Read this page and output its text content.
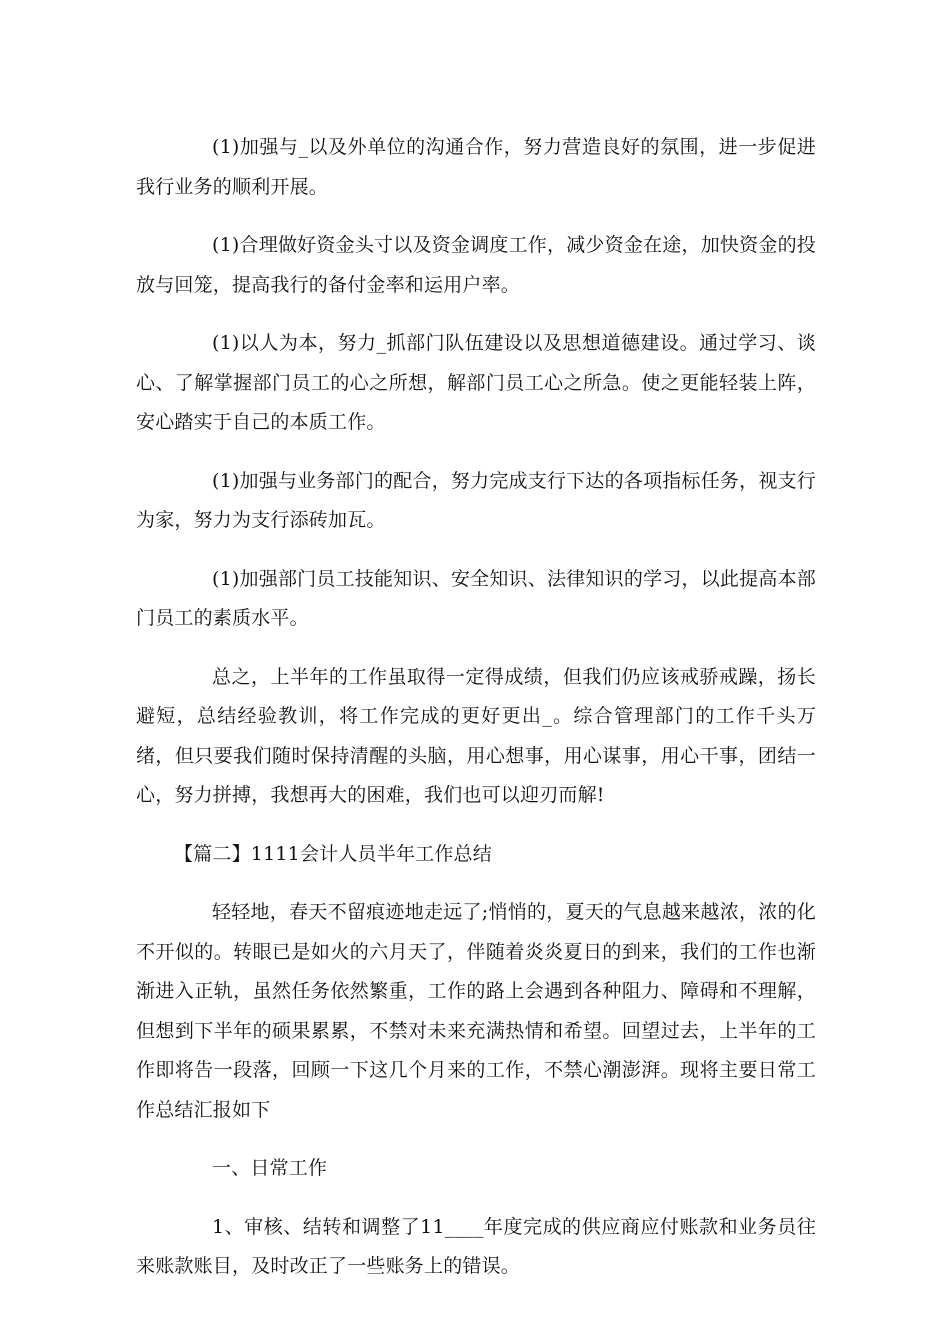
(1)加强与_以及外单位的沟通合作，努力营造良好的氛围，进一步促进我行业务的顺利开展。

(1)合理做好资金头寸以及资金调度工作，减少资金在途，加快资金的投放与回笼，提高我行的备付金率和运用户率。

(1)以人为本，努力_抓部门队伍建设以及思想道德建设。通过学习、谈心、了解掌握部门员工的心之所想，解部门员工心之所急。使之更能轻装上阵，安心踏实于自己的本质工作。

(1)加强与业务部门的配合，努力完成支行下达的各项指标任务，视支行为家，努力为支行添砖加瓦。

(1)加强部门员工技能知识、安全知识、法律知识的学习，以此提高本部门员工的素质水平。

总之，上半年的工作虽取得一定得成绩，但我们仍应该戒骄戒躁，扬长避短，总结经验教训，将工作完成的更好更出_。综合管理部门的工作千头万绪，但只要我们随时保持清醒的头脑，用心想事，用心谋事，用心干事，团结一心，努力拼搏，我想再大的困难，我们也可以迎刃而解!

【篇二】1111会计人员半年工作总结

轻轻地，春天不留痕迹地走远了;悄悄的，夏天的气息越来越浓，浓的化不开似的。转眼已是如火的六月天了，伴随着炎炎夏日的到来，我们的工作也渐渐进入正轨，虽然任务依然繁重，工作的路上会遇到各种阻力、障碍和不理解，但想到下半年的硕果累累，不禁对未来充满热情和希望。回望过去，上半年的工作即将告一段落，回顾一下这几个月来的工作，不禁心潮澎湃。现将主要日常工作总结汇报如下

一、日常工作

1、审核、结转和调整了11____年度完成的供应商应付账款和业务员往来账款账目，及时改正了一些账务上的错误。
